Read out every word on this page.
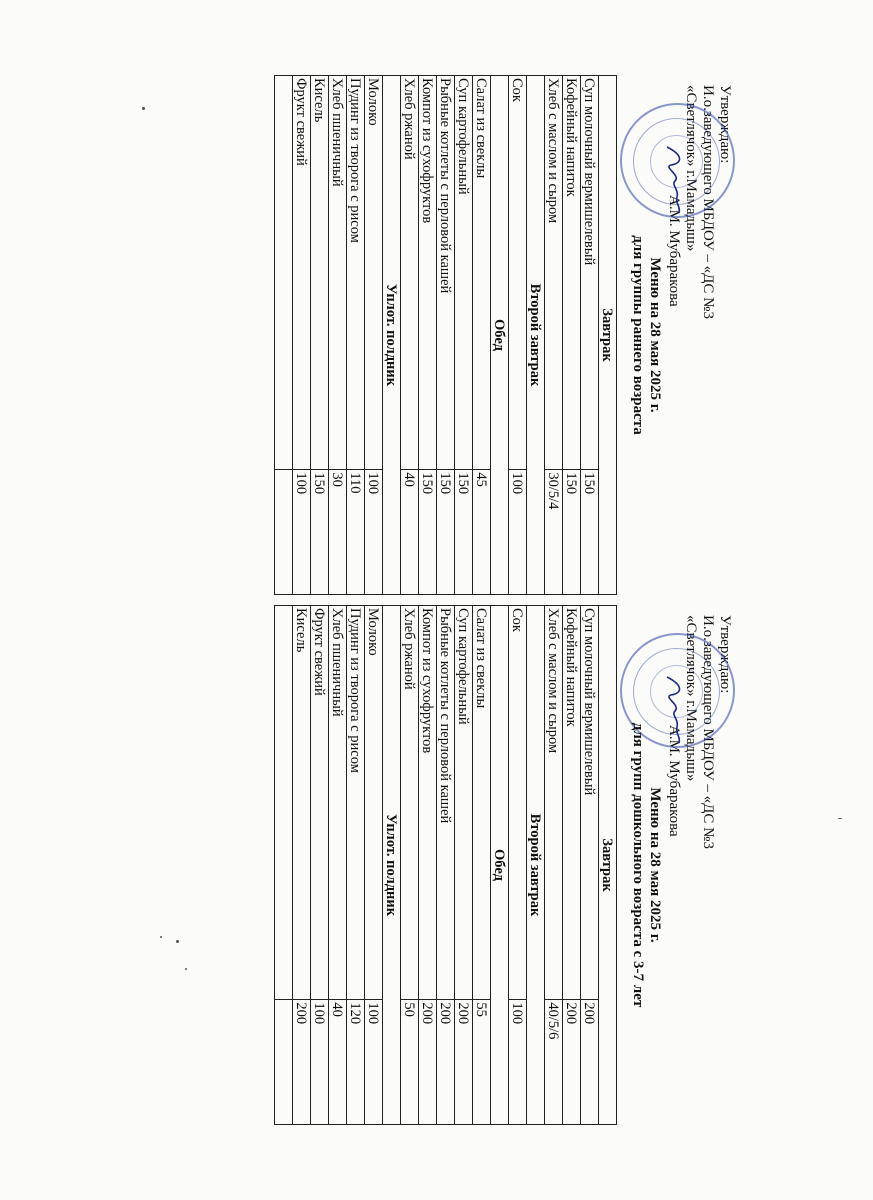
Утверждаю:
И.о.заведующего МБДОУ – «ДС №3
«Светлячок» г.Мамадыш»
А.М. Мубаракова
Меню на 28 мая 2025 г.
для группы раннего возраста
Завтрак	
Суп молочный вермишелевый	150
Кофейный напиток	150
Хлеб с маслом и сыром	30/5/4
Второй завтрак	
Сок	100
Обед	
Салат из свеклы	45
Суп картофельный	150
Рыбные котлеты с перловой кашей	150
Компот из сухофруктов	150
Хлеб ржаной	40
Уплот. полдник	
Молоко	100
Пудинг из творога с рисом	110
Хлеб пшеничный	30
Кисель	150
Фрукт свежий	100

Утверждаю:
И.о.заведующего МБДОУ – «ДС №3
«Светлячок» г.Мамадыш»
А.М. Мубаракова
Меню на 28 мая 2025 г.
для групп дошкольного возраста с 3-7 лет
Завтрак	
Суп молочный вермишелевый	200
Кофейный напиток	200
Хлеб с маслом и сыром	40/5/6
Второй завтрак	
Сок	100
Обед	
Салат из свеклы	55
Суп картофельный	200
Рыбные котлеты с перловой кашей	200
Компот из сухофруктов	200
Хлеб ржаной	50
Уплот. полдник	
Молоко	100
Пудинг из творога с рисом	120
Хлеб пшеничный	40
Фрукт свежий	100
Кисель	200
